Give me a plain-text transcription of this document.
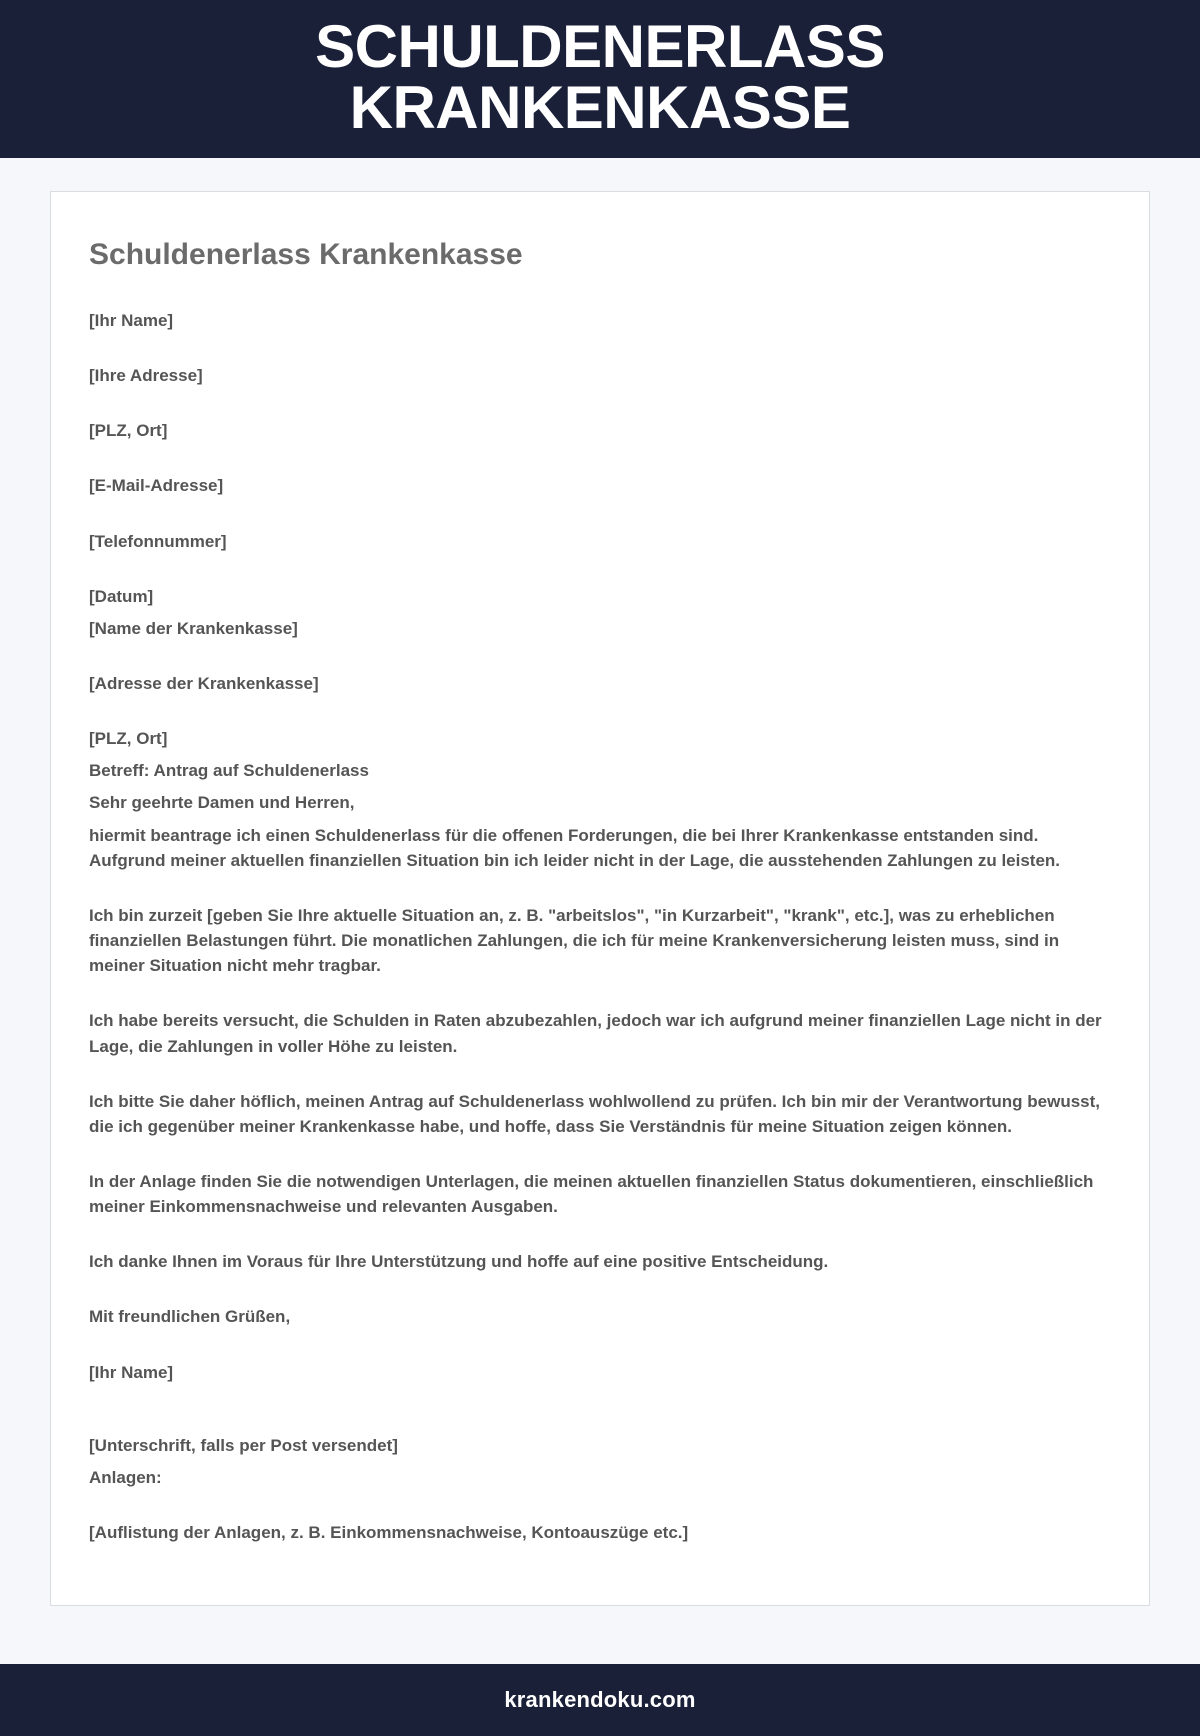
SCHULDENERLASS KRANKENKASSE
Schuldenerlass Krankenkasse

[Ihr Name]

[Ihre Adresse]

[PLZ, Ort]

[E-Mail-Adresse]

[Telefonnummer]

[Datum]

[Name der Krankenkasse]

[Adresse der Krankenkasse]

[PLZ, Ort]

Betreff: Antrag auf Schuldenerlass

Sehr geehrte Damen und Herren,

hiermit beantrage ich einen Schuldenerlass für die offenen Forderungen, die bei Ihrer Krankenkasse entstanden sind. Aufgrund meiner aktuellen finanziellen Situation bin ich leider nicht in der Lage, die ausstehenden Zahlungen zu leisten.

Ich bin zurzeit [geben Sie Ihre aktuelle Situation an, z. B. "arbeitslos", "in Kurzarbeit", "krank", etc.], was zu erheblichen finanziellen Belastungen führt. Die monatlichen Zahlungen, die ich für meine Krankenversicherung leisten muss, sind in meiner Situation nicht mehr tragbar.

Ich habe bereits versucht, die Schulden in Raten abzubezahlen, jedoch war ich aufgrund meiner finanziellen Lage nicht in der Lage, die Zahlungen in voller Höhe zu leisten.

Ich bitte Sie daher höflich, meinen Antrag auf Schuldenerlass wohlwollend zu prüfen. Ich bin mir der Verantwortung bewusst, die ich gegenüber meiner Krankenkasse habe, und hoffe, dass Sie Verständnis für meine Situation zeigen können.

In der Anlage finden Sie die notwendigen Unterlagen, die meinen aktuellen finanziellen Status dokumentieren, einschließlich meiner Einkommensnachweise und relevanten Ausgaben.

Ich danke Ihnen im Voraus für Ihre Unterstützung und hoffe auf eine positive Entscheidung.

Mit freundlichen Grüßen,

[Ihr Name]

[Unterschrift, falls per Post versendet]

Anlagen:

[Auflistung der Anlagen, z. B. Einkommensnachweise, Kontoauszüge etc.]

krankendoku.com
